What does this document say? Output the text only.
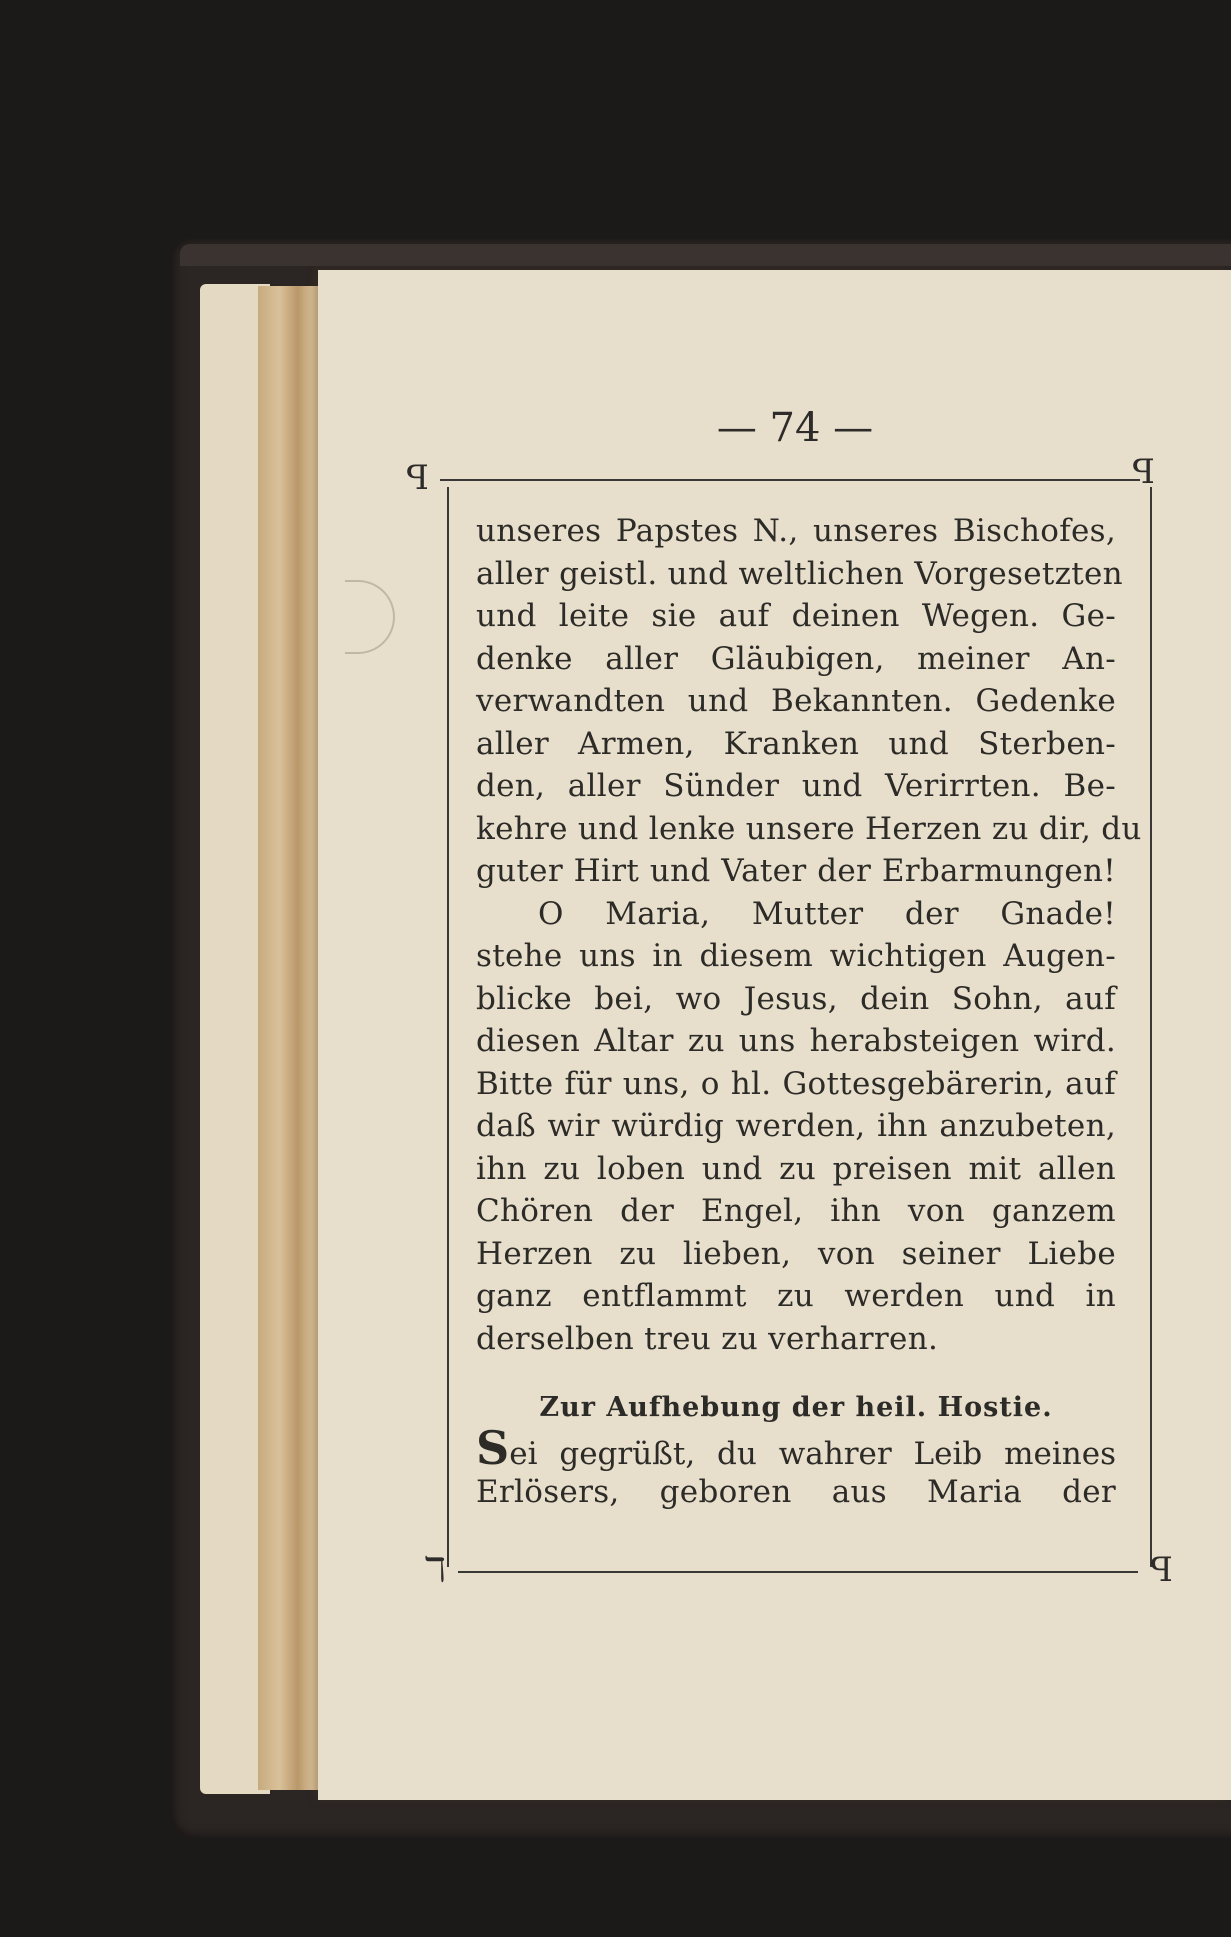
— 74 —
ꟼ	ꟼ
ℸ	ꟼ
unseres Papstes N., unseres Bischofes,
aller geistl. und weltlichen Vorgesetzten
und leite sie auf deinen Wegen. Ge-
denke aller Gläubigen, meiner An-
verwandten und Bekannten. Gedenke
aller Armen, Kranken und Sterben-
den, aller Sünder und Verirrten. Be-
kehre und lenke unsere Herzen zu dir, du
guter Hirt und Vater der Erbarmungen!
O Maria, Mutter der Gnade!
stehe uns in diesem wichtigen Augen-
blicke bei, wo Jesus, dein Sohn, auf
diesen Altar zu uns herabsteigen wird.
Bitte für uns, o hl. Gottesgebärerin, auf
daß wir würdig werden, ihn anzubeten,
ihn zu loben und zu preisen mit allen
Chören der Engel, ihn von ganzem
Herzen zu lieben, von seiner Liebe
ganz entflammt zu werden und in
derselben treu zu verharren.
Zur Aufhebung der heil. Hostie.
Sei gegrüßt, du wahrer Leib meines
Erlösers, geboren aus Maria der
